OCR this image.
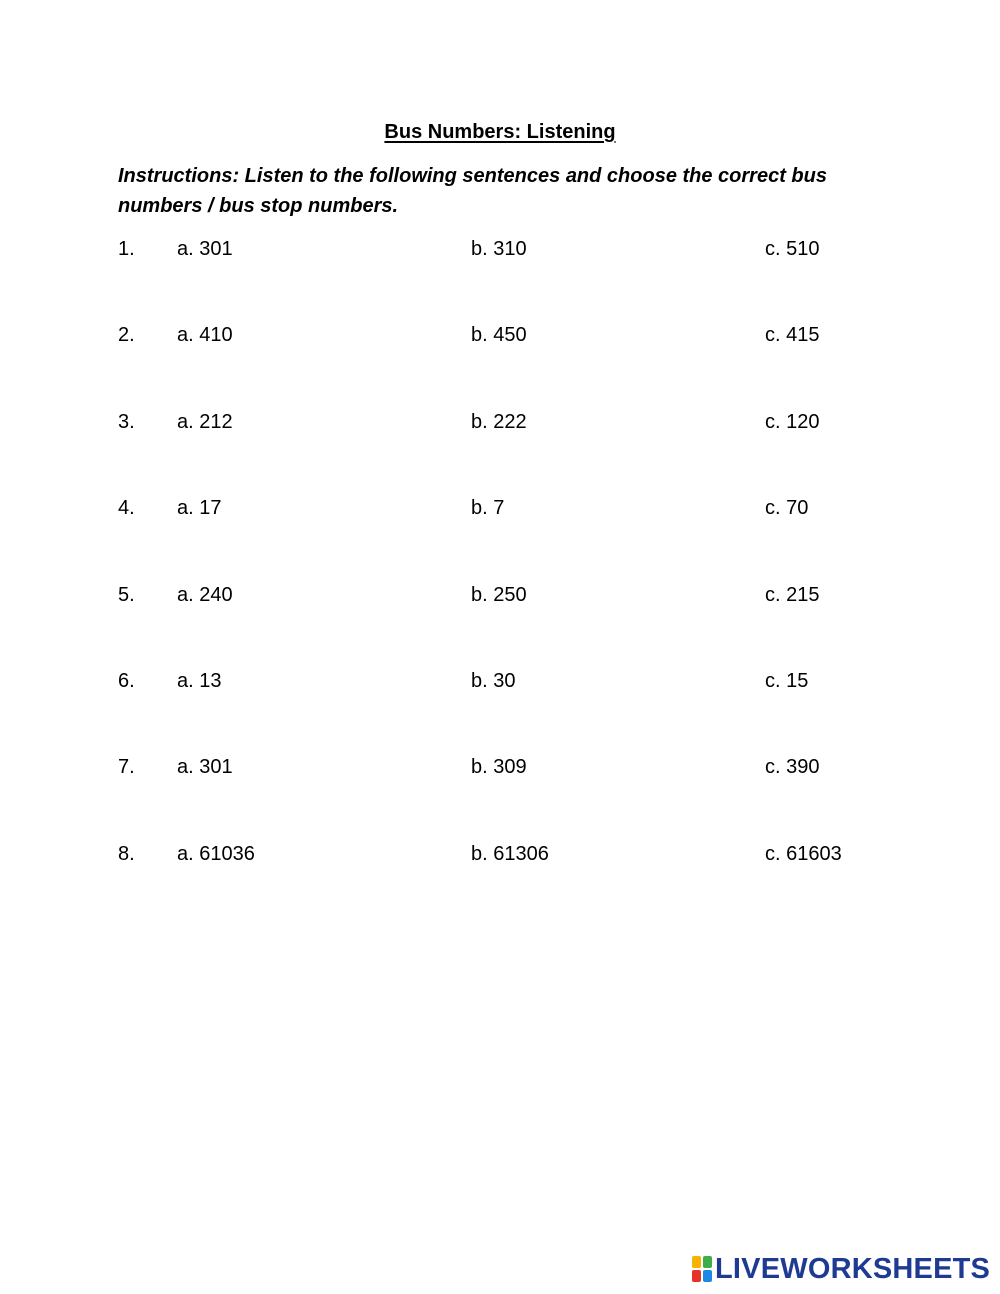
Bus Numbers: Listening
Instructions: Listen to the following sentences and choose the correct bus numbers / bus stop numbers.
1. a. 301	b. 310	c. 510
2. a. 410	b. 450	c. 415
3. a. 212	b. 222	c. 120
4. a. 17	b. 7	c. 70
5. a. 240	b. 250	c. 215
6. a. 13	b. 30	c. 15
7. a. 301	b. 309	c. 390
8. a. 61036	b. 61306	c. 61603
LIVEWORKSHEETS
